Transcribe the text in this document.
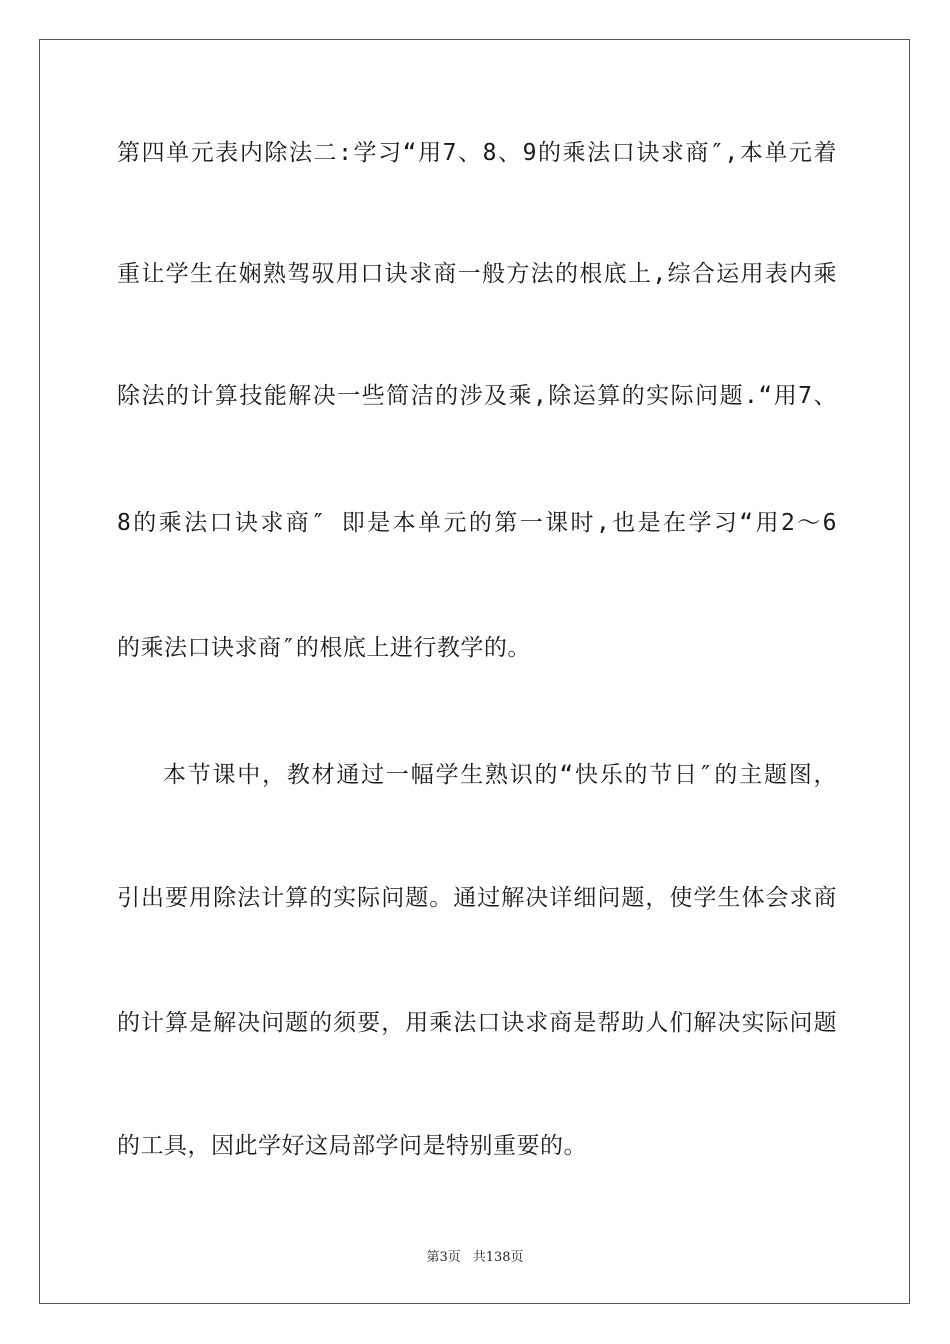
第四单元表内除法二:学习“用7、8、9的乘法口诀求商″,本单元着
重让学生在娴熟驾驭用口诀求商一般方法的根底上,综合运用表内乘
除法的计算技能解决一些简洁的涉及乘,除运算的实际问题.“用7、
8的乘法口诀求商″ 即是本单元的第一课时,也是在学习“用2～6
的乘法口诀求商″的根底上进行教学的。
本节课中，教材通过一幅学生熟识的“快乐的节日″的主题图，
引出要用除法计算的实际问题。通过解决详细问题，使学生体会求商
的计算是解决问题的须要，用乘法口诀求商是帮助人们解决实际问题
的工具，因此学好这局部学问是特别重要的。
第3页 共138页
